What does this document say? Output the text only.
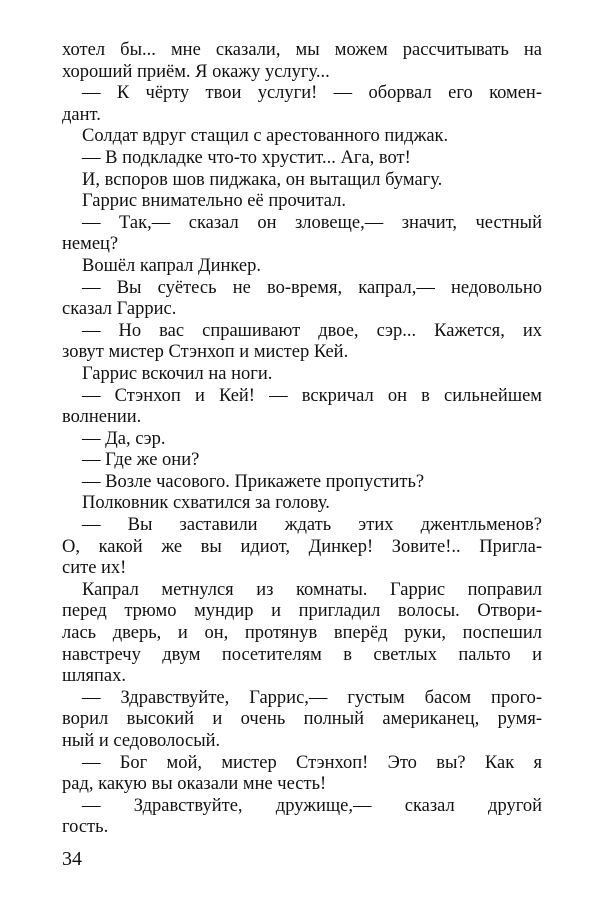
хотел бы... мне сказали, мы можем рассчитывать на
хороший приём. Я окажу услугу...
— К чёрту твои услуги! — оборвал его комен-
дант.
Солдат вдруг стащил с арестованного пиджак.
— В подкладке что-то хрустит... Ага, вот!
И, вспоров шов пиджака, он вытащил бумагу.
Гаррис внимательно её прочитал.
— Так,— сказал он зловеще,— значит, честный
немец?
Вошёл капрал Динкер.
— Вы суётесь не во-время, капрал,— недовольно
сказал Гаррис.
— Но вас спрашивают двое, сэр... Кажется, их
зовут мистер Стэнхоп и мистер Кей.
Гаррис вскочил на ноги.
— Стэнхоп и Кей! — вскричал он в сильнейшем
волнении.
— Да, сэр.
— Где же они?
— Возле часового. Прикажете пропустить?
Полковник схватился за голову.
— Вы заставили ждать этих джентльменов?
О, какой же вы идиот, Динкер! Зовите!.. Пригла-
сите их!
Капрал метнулся из комнаты. Гаррис поправил
перед трюмо мундир и пригладил волосы. Отвори-
лась дверь, и он, протянув вперёд руки, поспешил
навстречу двум посетителям в светлых пальто и
шляпах.
— Здравствуйте, Гаррис,— густым басом прого-
ворил высокий и очень полный американец, румя-
ный и седоволосый.
— Бог мой, мистер Стэнхоп! Это вы? Как я
рад, какую вы оказали мне честь!
— Здравствуйте, дружище,— сказал другой
гость.
34
